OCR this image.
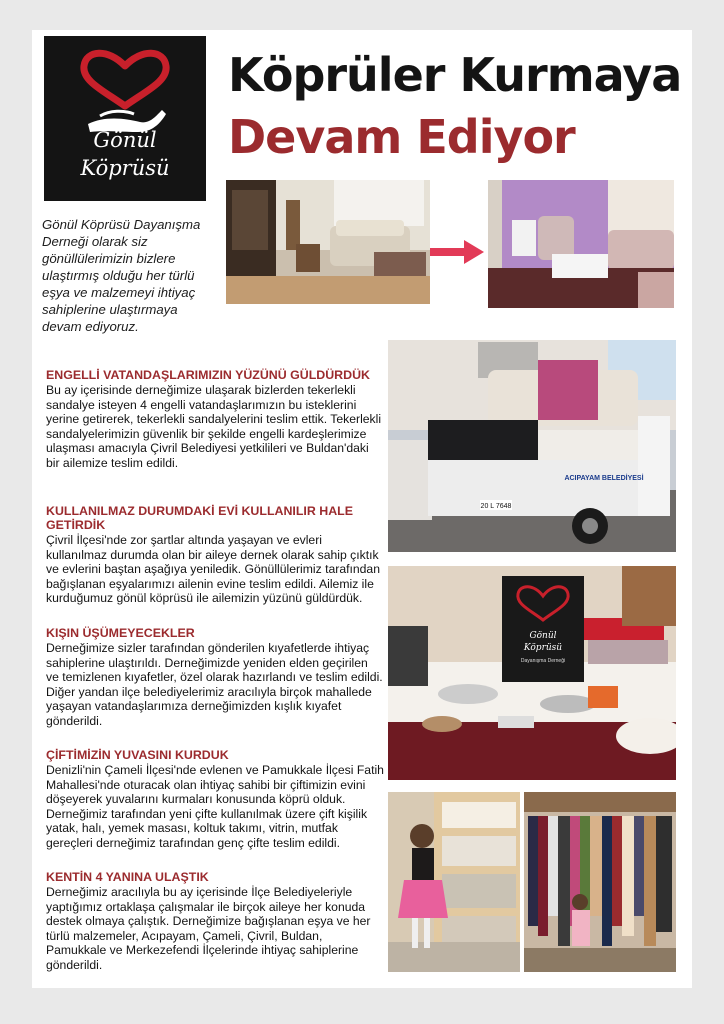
Gönül
Köprüsü
Köprüler Kurmaya
Devam Ediyor
Gönül Köprüsü Dayanışma Derneği olarak siz gönüllülerimizin bizlere ulaştırmış olduğu her türlü eşya ve malzemeyi ihtiyaç sahiplerine ulaştırmaya devam ediyoruz.
20 L 7648
ACIPAYAM BELEDİYESİ
Gönül
Köprüsü
Dayanışma Derneği
ENGELLİ VATANDAŞLARIMIZIN YÜZÜNÜ GÜLDÜRDÜK
Bu ay içerisinde derneğimize ulaşarak bizlerden tekerlekli sandalye isteyen 4 engelli vatandaşlarımızın bu isteklerini yerine getirerek, tekerlekli sandalyelerini teslim ettik. Tekerlekli sandalyelerimizin güvenlik bir şekilde engelli kardeşlerimize ulaşması amacıyla Çivril Belediyesi yetkilileri ve Buldan'daki bir ailemize teslim edildi.
KULLANILMAZ DURUMDAKİ EVİ KULLANILIR HALE GETİRDİK
Çivril İlçesi'nde zor şartlar altında yaşayan ve evleri kullanılmaz durumda olan bir aileye dernek olarak sahip çıktık ve evlerini baştan aşağıya yeniledik. Gönüllülerimiz tarafından bağışlanan eşyalarımızı ailenin evine teslim edildi. Ailemiz ile kurduğumuz gönül köprüsü ile ailemizin yüzünü güldürdük.
KIŞIN ÜŞÜMEYECEKLER
Derneğimize sizler tarafından gönderilen kıyafetlerde ihtiyaç sahiplerine ulaştırıldı. Derneğimizde yeniden elden geçirilen ve temizlenen kıyafetler, özel olarak hazırlandı ve teslim edildi. Diğer yandan ilçe belediyelerimiz aracılıyla birçok mahallede yaşayan vatandaşlarımıza derneğimizden kışlık kıyafet gönderildi.
ÇİFTİMİZİN YUVASINI KURDUK
Denizli'nin Çameli İlçesi'nde evlenen ve Pamukkale İlçesi Fatih Mahallesi'nde oturacak olan ihtiyaç sahibi bir çiftimizin evini döşeyerek yuvalarını kurmaları konusunda köprü olduk. Derneğimiz tarafından yeni çifte kullanılmak üzere çift kişilik yatak, halı, yemek masası, koltuk takımı, vitrin, mutfak gereçleri derneğimiz tarafından genç çifte teslim edildi.
KENTİN 4 YANINA ULAŞTIK
Derneğimiz aracılıyla bu ay içerisinde İlçe Belediyeleriyle yaptığımız ortaklaşa çalışmalar ile birçok aileye her konuda destek olmaya çalıştık. Derneğimize bağışlanan eşya ve her türlü malzemeler, Acıpayam, Çameli, Çivril, Buldan, Pamukkale ve Merkezefendi İlçelerinde ihtiyaç sahiplerine gönderildi.
